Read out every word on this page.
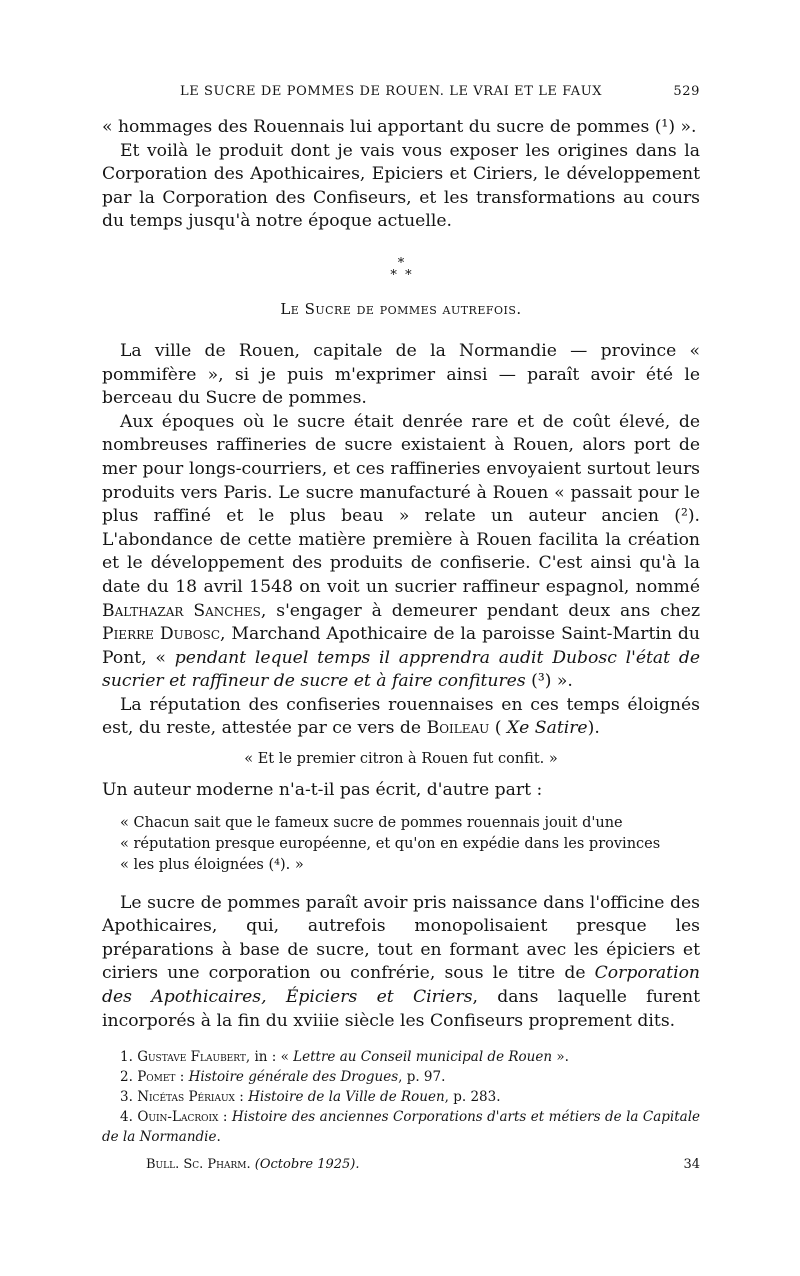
LE SUCRE DE POMMES DE ROUEN. LE VRAI ET LE FAUX	529

« hommages des Rouennais lui apportant du sucre de pommes (¹) ».

Et voilà le produit dont je vais vous exposer les origines dans la Corporation des Apothicaires, Epiciers et Ciriers, le développement par la Corporation des Confiseurs, et les transformations au cours du temps jusqu'à notre époque actuelle.

*
*  *
Le Sucre de pommes autrefois.

La ville de Rouen, capitale de la Normandie — province « pommifère », si je puis m'exprimer ainsi — paraît avoir été le berceau du Sucre de pommes.

Aux époques où le sucre était denrée rare et de coût élevé, de nombreuses raffineries de sucre existaient à Rouen, alors port de mer pour longs-courriers, et ces raffineries envoyaient surtout leurs produits vers Paris. Le sucre manufacturé à Rouen « passait pour le plus raffiné et le plus beau » relate un auteur ancien (²). L'abondance de cette matière première à Rouen facilita la création et le développement des produits de confiserie. C'est ainsi qu'à la date du 18 avril 1548 on voit un sucrier raffineur espagnol, nommé Balthazar Sanches, s'engager à demeurer pendant deux ans chez Pierre Dubosc, Marchand Apothicaire de la paroisse Saint-Martin du Pont, « pendant lequel temps il apprendra audit Dubosc l'état de sucrier et raffineur de sucre et à faire confitures (³) ».

La réputation des confiseries rouennaises en ces temps éloignés est, du reste, attestée par ce vers de Boileau ( Xe Satire).

« Et le premier citron à Rouen fut confit. »

Un auteur moderne n'a-t-il pas écrit, d'autre part :

« Chacun sait que le fameux sucre de pommes rouennais jouit d'une
« réputation presque européenne, et qu'on en expédie dans les provinces
« les plus éloignées (⁴). »

Le sucre de pommes paraît avoir pris naissance dans l'officine des Apothicaires, qui, autrefois monopolisaient presque les préparations à base de sucre, tout en formant avec les épiciers et ciriers une corporation ou confrérie, sous le titre de Corporation des Apothicaires, Épiciers et Ciriers, dans laquelle furent incorporés à la fin du xviiie siècle les Confiseurs proprement dits.

1. Gustave Flaubert, in : « Lettre au Conseil municipal de Rouen ».
2. Pomet : Histoire générale des Drogues, p. 97.
3. Nicétas Périaux : Histoire de la Ville de Rouen, p. 283.
4. Ouin-Lacroix : Histoire des anciennes Corporations d'arts et métiers de la Capitale de la Normandie.
Bull. Sc. Pharm. (Octobre 1925).	34
